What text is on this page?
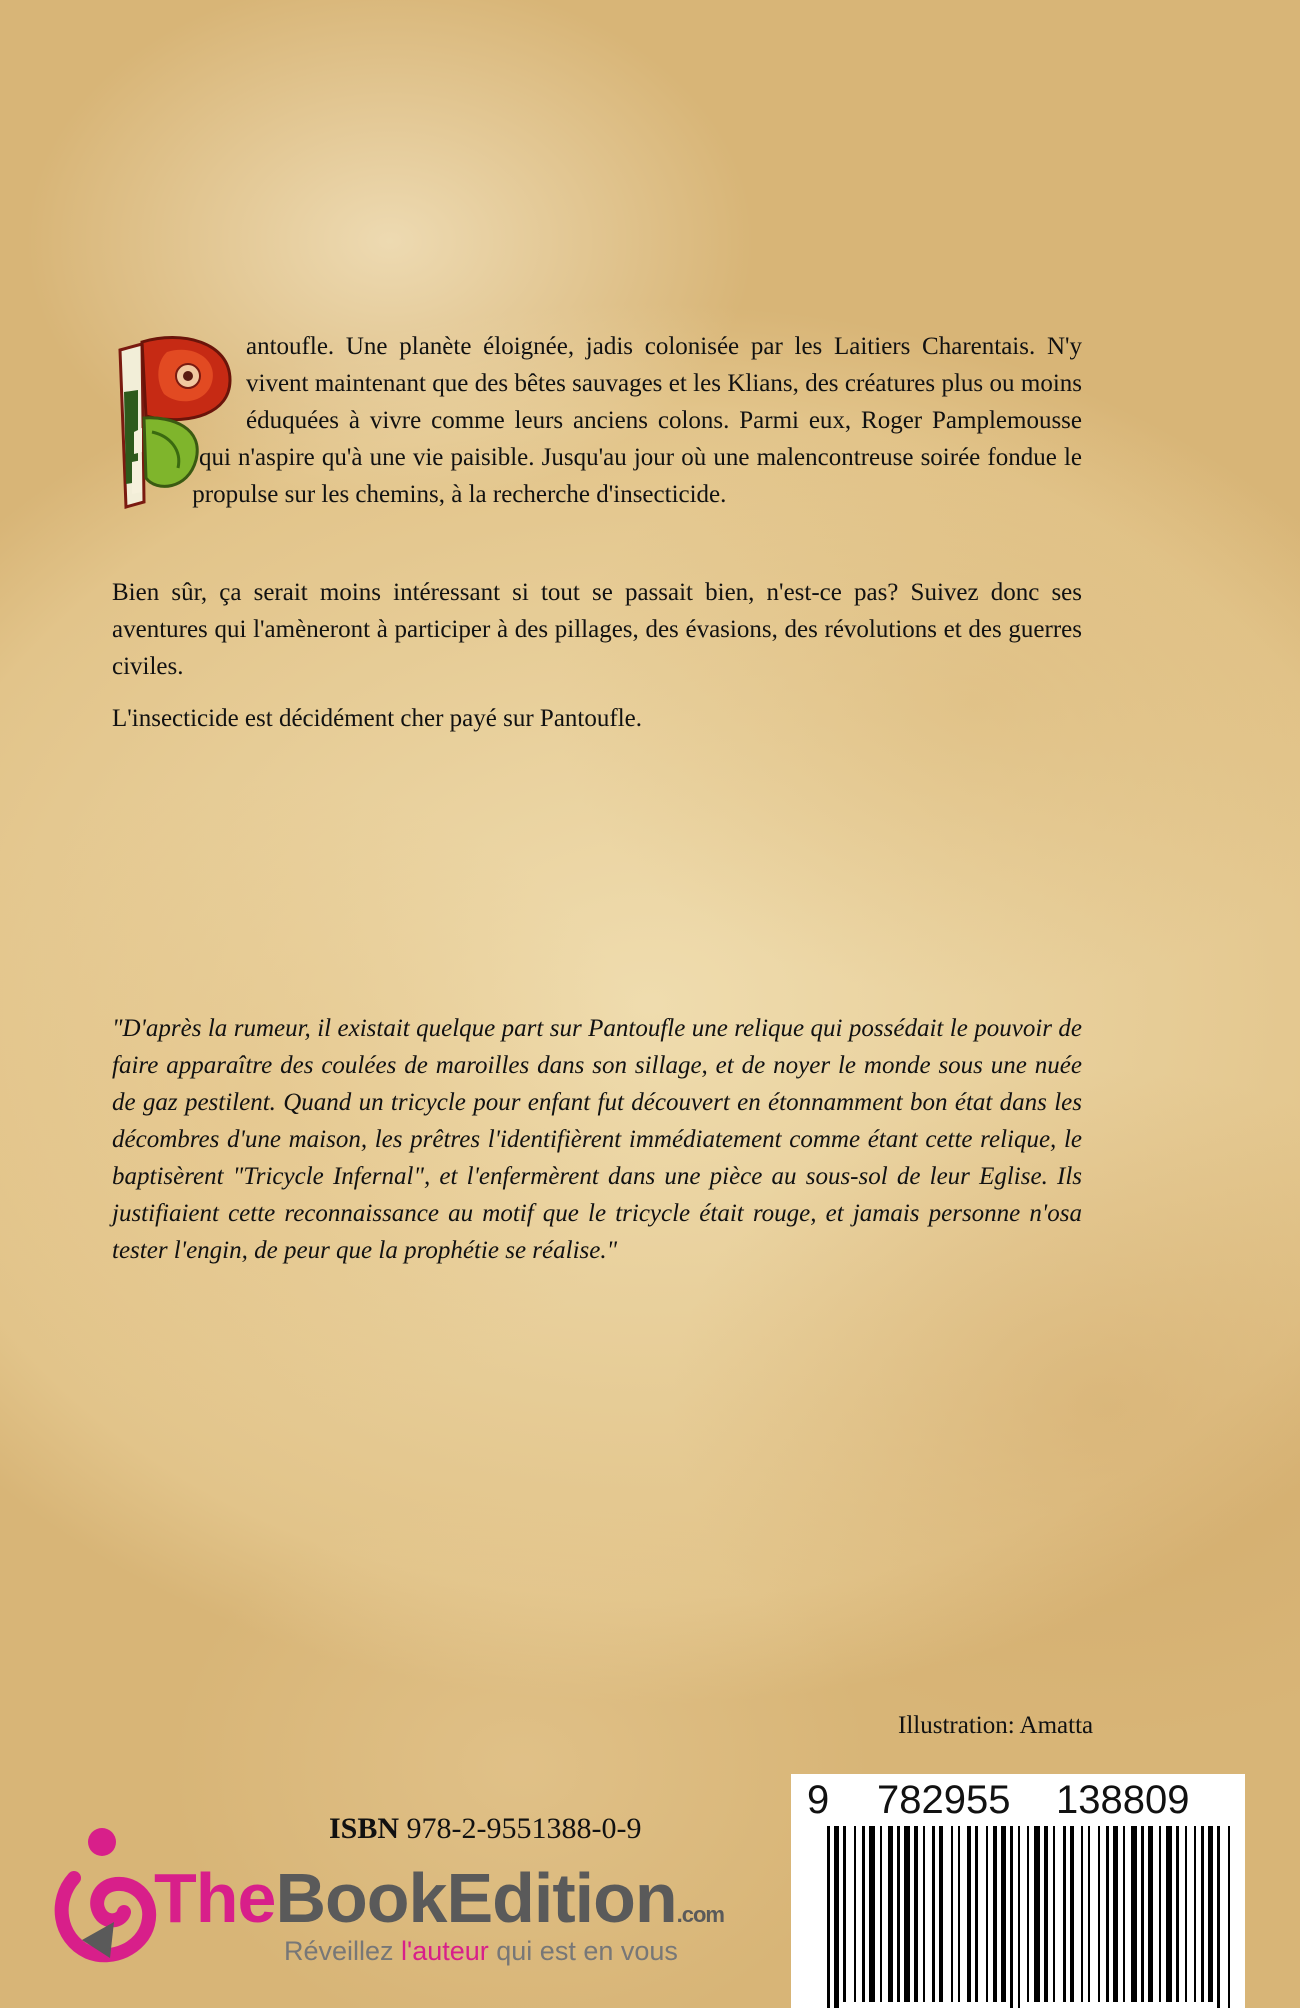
antoufle. Une planète éloignée, jadis colonisée par les Laitiers Charentais. N'y vivent maintenant que des bêtes sauvages et les Klians, des créatures plus ou moins éduquées à vivre comme leurs anciens colons. Parmi eux, Roger Pamplemousse qui n'aspire qu'à une vie paisible. Jusqu'au jour où une malencontreuse soirée fondue le propulse sur les chemins, à la recherche d'insecticide.

Bien sûr, ça serait moins intéressant si tout se passait bien, n'est-ce pas? Suivez donc ses aventures qui l'amèneront à participer à des pillages, des évasions, des révolutions et des guerres civiles.

L'insecticide est décidément cher payé sur Pantoufle.

"D'après la rumeur, il existait quelque part sur Pantoufle une relique qui possédait le pouvoir de faire apparaître des coulées de maroilles dans son sillage, et de noyer le monde sous une nuée de gaz pestilent. Quand un tricycle pour enfant fut découvert en étonnamment bon état dans les décombres d'une maison, les prêtres l'identifièrent immédiatement comme étant cette relique, le baptisèrent "Tricycle Infernal", et l'enfermèrent dans une pièce au sous-sol de leur Eglise. Ils justifiaient cette reconnaissance au motif que le tricycle était rouge, et jamais personne n'osa tester l'engin, de peur que la prophétie se réalise."

Illustration: Amatta
ISBN 978-2-9551388-0-9
9 782955 138809
TheBookEdition.com
Réveillez l'auteur qui est en vous
